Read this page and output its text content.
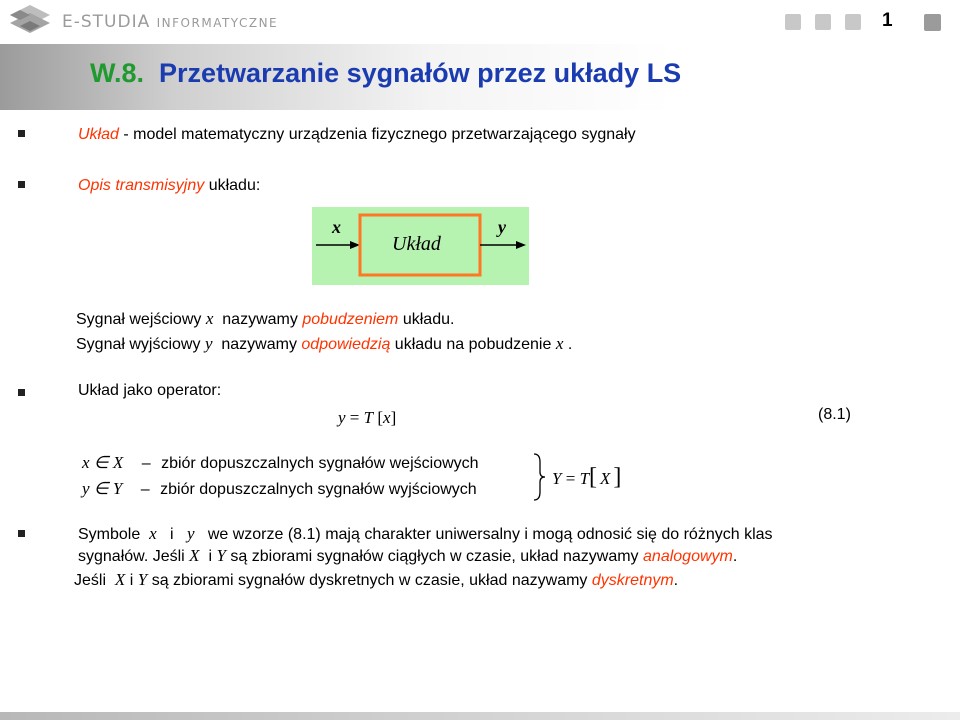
E-STUDIA INFORMATYCZNE	1
W.8. Przetwarzanie sygnałów przez układy LS
Układ - model matematyczny urządzenia fizycznego przetwarzającego sygnały
Opis transmisyjny układu:
x	y
Układ
Sygnał wejściowy x nazywamy pobudzeniem układu.
Sygnał wyjściowy y nazywamy odpowiedzią układu na pobudzenie x .
Układ jako operator:
y = T [x]	(8.1)
x ∈ X – zbiór dopuszczalnych sygnałów wejściowych
y ∈ Y – zbiór dopuszczalnych sygnałów wyjściowych
Y = T[ X ]
Symbole x i y we wzorze (8.1) mają charakter uniwersalny i mogą odnosić się do różnych klas
sygnałów. Jeśli X i Y są zbiorami sygnałów ciągłych w czasie, układ nazywamy analogowym.
Jeśli X i Y są zbiorami sygnałów dyskretnych w czasie, układ nazywamy dyskretnym.
